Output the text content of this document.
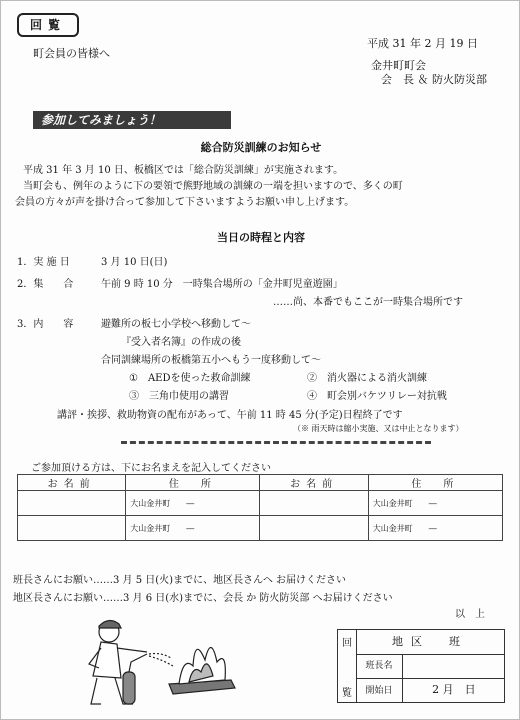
回覧
町会員の皆様へ
平成 31 年 2 月 19 日
金井町町会
会　長 ＆ 防火防災部
参加してみましょう！
総合防災訓練のお知らせ
平成 31 年 3 月 10 日、板橋区では「総合防災訓練」が実施されます。
当町会も、例年のように下の要領で熊野地域の訓練の一端を担いますので、多くの町
会員の方々が声を掛け合って参加して下さいますようお願い申し上げます。
当日の時程と内容
1．実 施 日	3 月 10 日(日)
2．集　　合	午前 9 時 10 分　一時集合場所の「金井町児童遊園」
……尚、本番でもここが一時集合場所です
3．内　　容	避難所の板七小学校へ移動して〜
『受入者名簿』の作成の後
合同訓練場所の板橋第五小へもう一度移動して〜
①　AEDを使った救命訓練	②　消火器による消火訓練
③　三角巾使用の講習	④　町会別バケツリレー対抗戦
講評・挨拶、救助物資の配布があって、午前 11 時 45 分(予定)日程終了です
（※ 雨天時は縮小実施、又は中止となります）
ご参加頂ける方は、下にお名まえを記入してください
お名前	住　所	お名前	住　所
	大山金井町　　―		大山金井町　　―
	大山金井町　　―		大山金井町　　―
班長さんにお願い……3 月 5 日(火)までに、地区長さんへ お届けください
地区長さんにお願い……3 月 6 日(水)までに、会長 か 防火防災部 へお届けください
以　上
回
覧
地区　班
班長名
開始日	2 月　日
